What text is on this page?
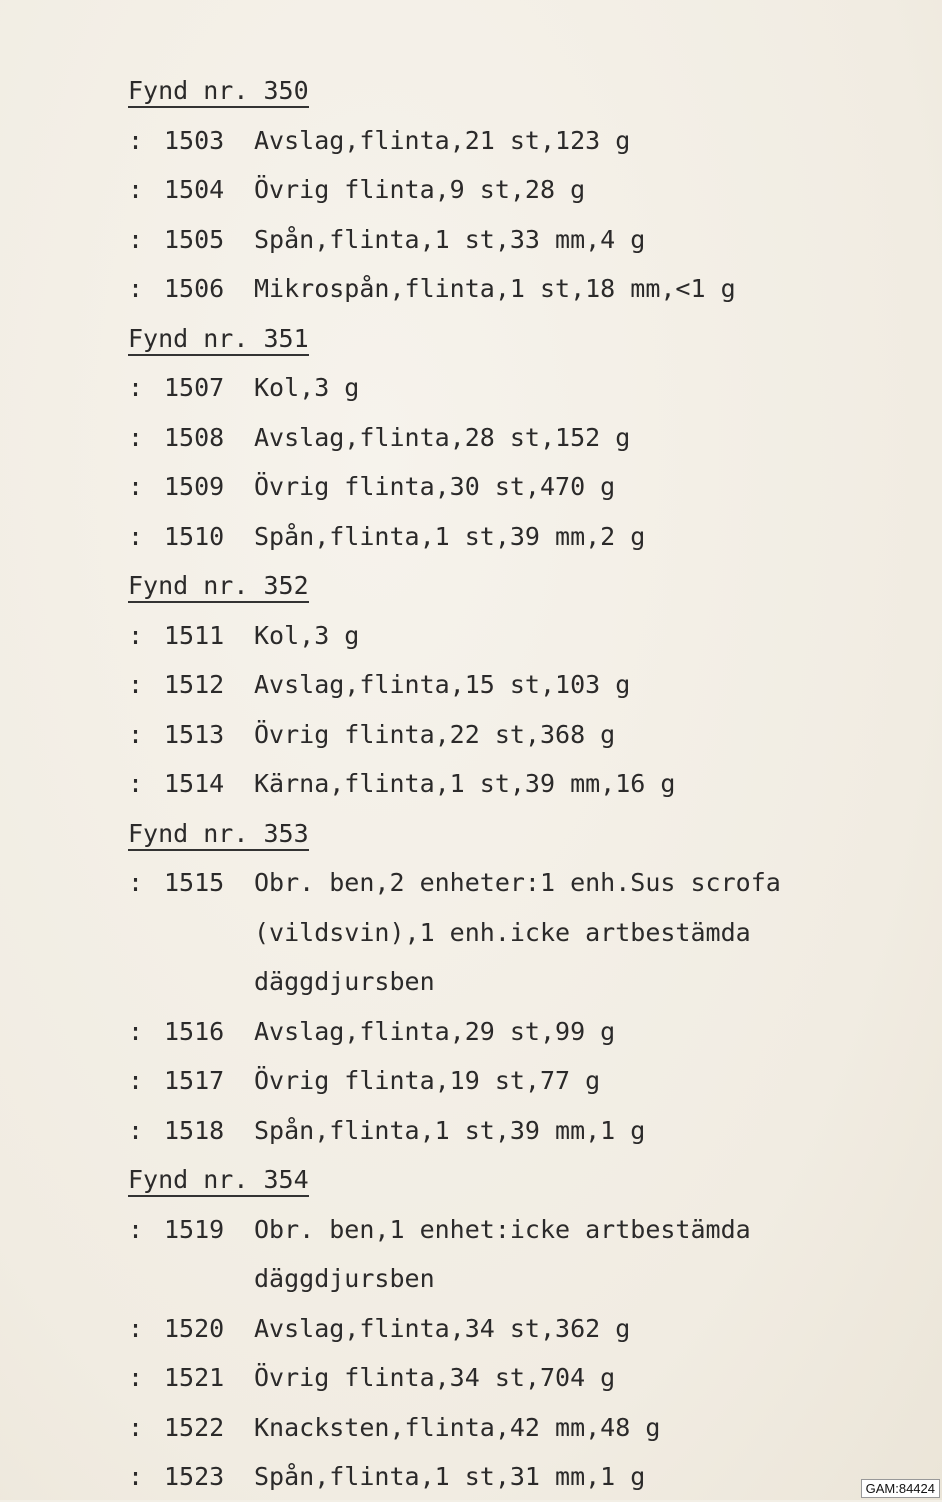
Fynd nr. 350
: 1503	Avslag,flinta,21 st,123 g
: 1504	Övrig flinta,9 st,28 g
: 1505	Spån,flinta,1 st,33 mm,4 g
: 1506	Mikrospån,flinta,1 st,18 mm,<1 g
Fynd nr. 351
: 1507	Kol,3 g
: 1508	Avslag,flinta,28 st,152 g
: 1509	Övrig flinta,30 st,470 g
: 1510	Spån,flinta,1 st,39 mm,2 g
Fynd nr. 352
: 1511	Kol,3 g
: 1512	Avslag,flinta,15 st,103 g
: 1513	Övrig flinta,22 st,368 g
: 1514	Kärna,flinta,1 st,39 mm,16 g
Fynd nr. 353
: 1515	Obr. ben,2 enheter:1 enh.Sus scrofa (vildsvin),1 enh.icke artbestämda däggdjursben
: 1516	Avslag,flinta,29 st,99 g
: 1517	Övrig flinta,19 st,77 g
: 1518	Spån,flinta,1 st,39 mm,1 g
Fynd nr. 354
: 1519	Obr. ben,1 enhet:icke artbestämda däggdjursben
: 1520	Avslag,flinta,34 st,362 g
: 1521	Övrig flinta,34 st,704 g
: 1522	Knacksten,flinta,42 mm,48 g
: 1523	Spån,flinta,1 st,31 mm,1 g	GAM:84424
